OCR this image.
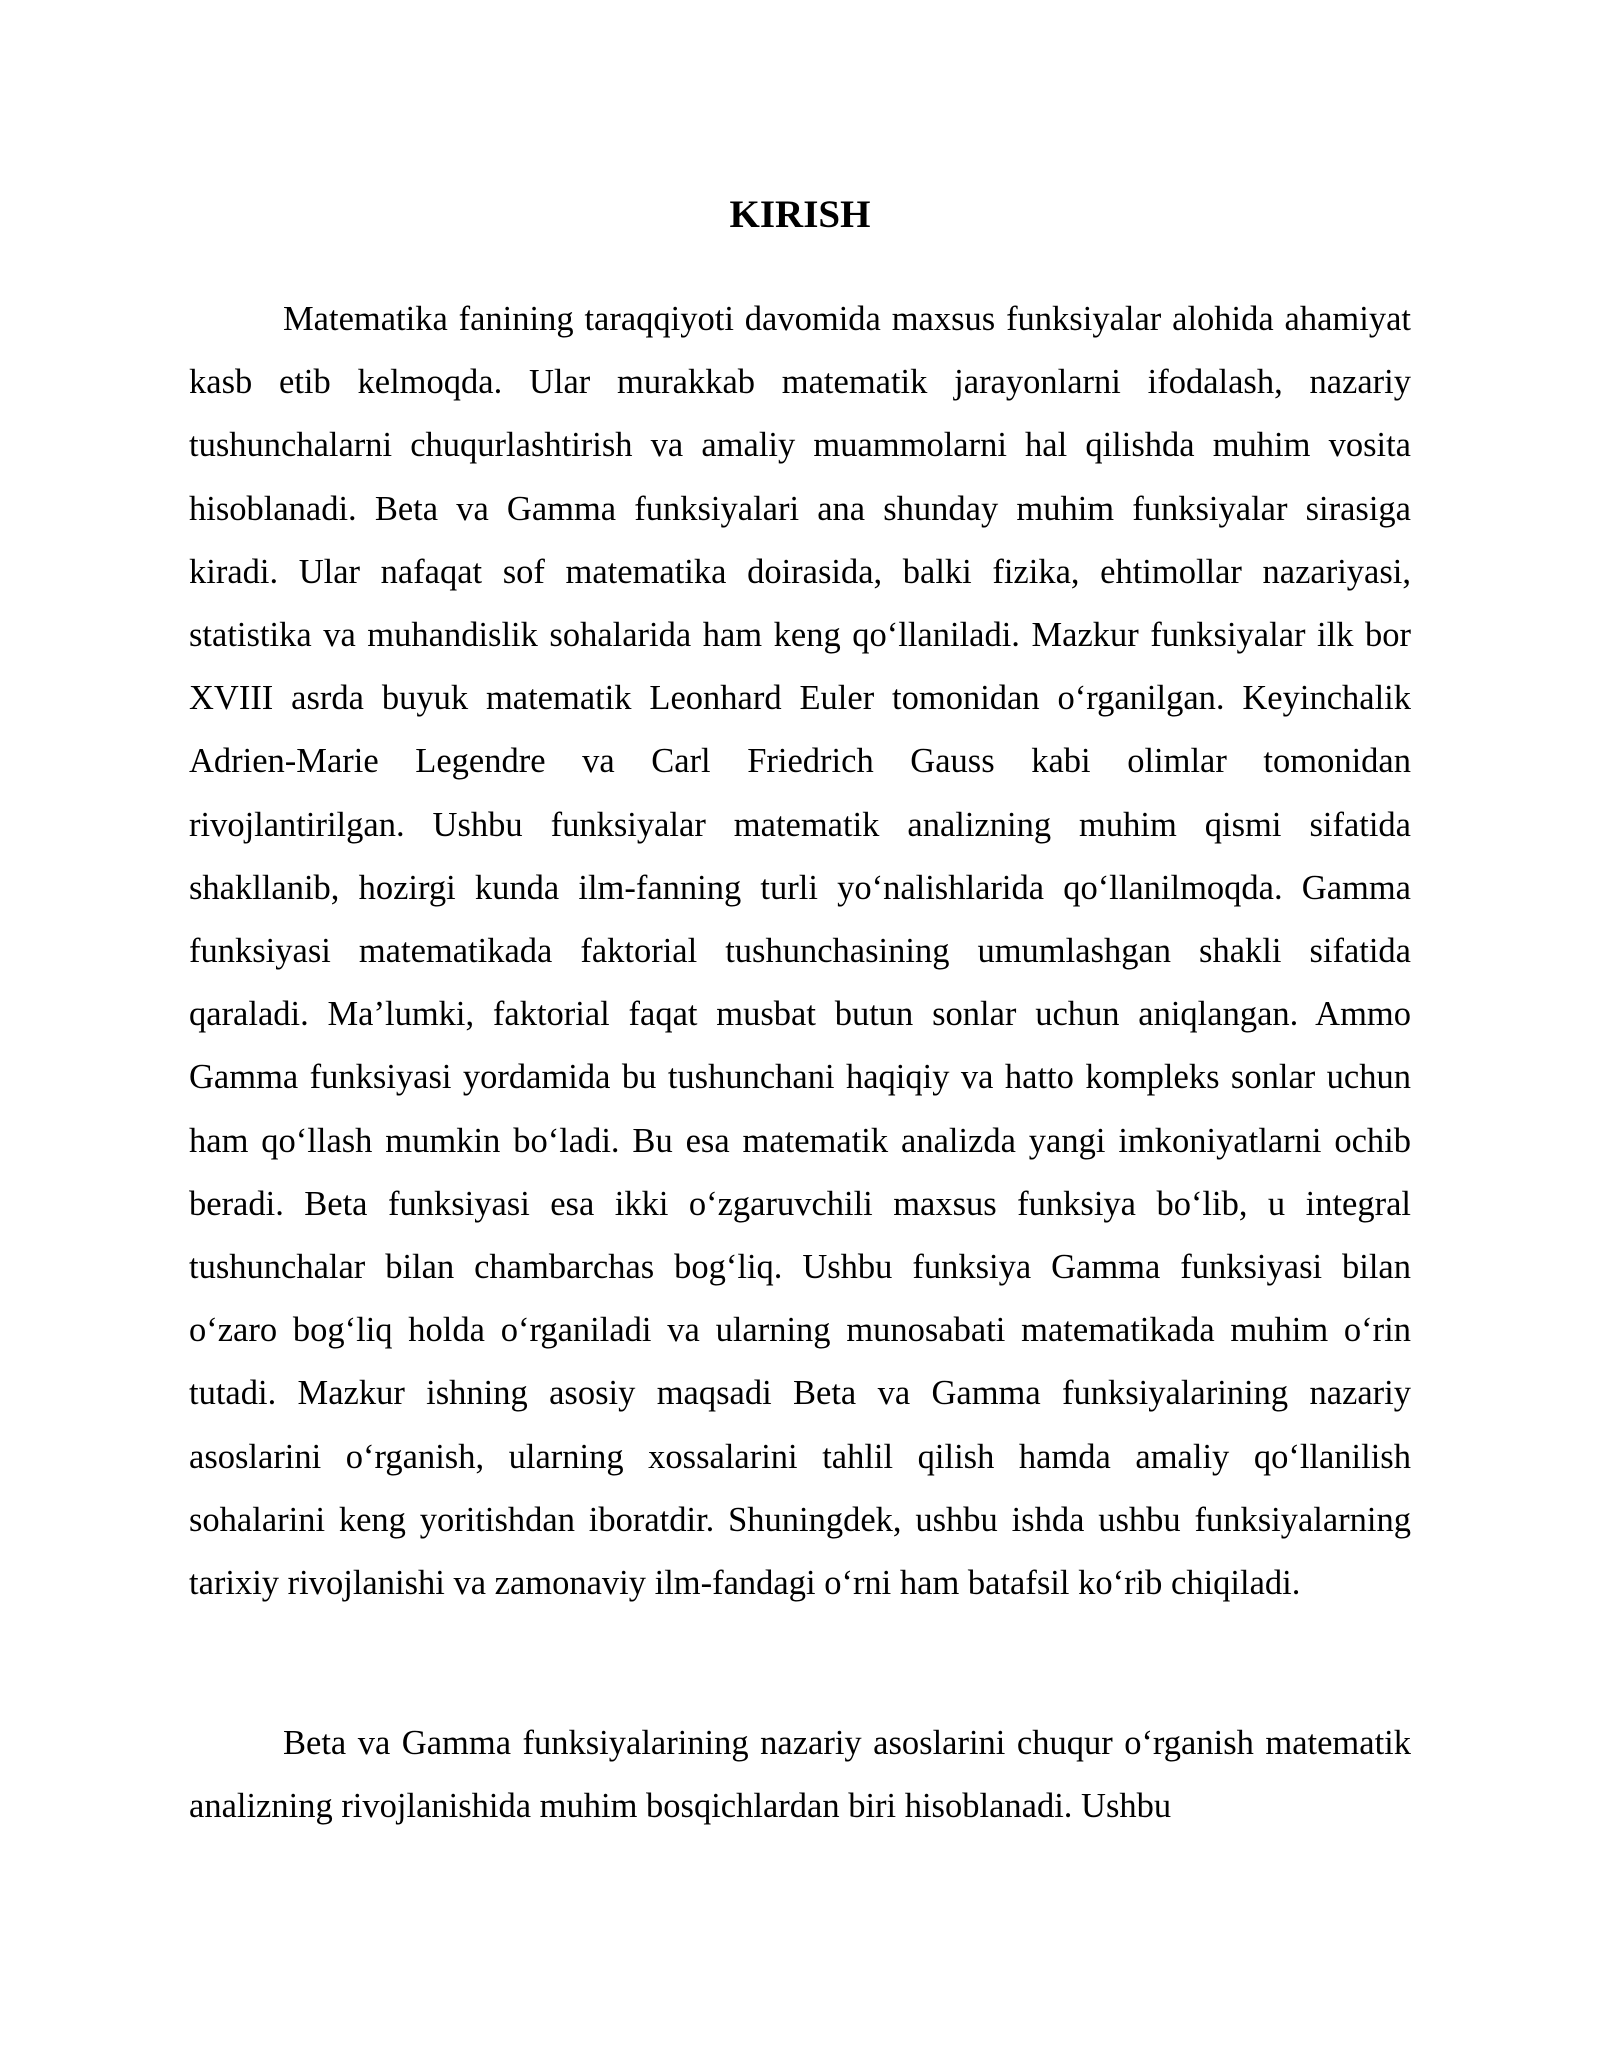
KIRISH

Matematika fanining taraqqiyoti davomida maxsus funksiyalar alohida ahamiyat kasb etib kelmoqda. Ular murakkab matematik jarayonlarni ifodalash, nazariy tushunchalarni chuqurlashtirish va amaliy muammolarni hal qilishda muhim vosita hisoblanadi. Beta va Gamma funksiyalari ana shunday muhim funksiyalar sirasiga kiradi. Ular nafaqat sof matematika doirasida, balki fizika, ehtimollar nazariyasi, statistika va muhandislik sohalarida ham keng qo‘llaniladi. Mazkur funksiyalar ilk bor XVIII asrda buyuk matematik Leonhard Euler tomonidan o‘rganilgan. Keyinchalik Adrien-Marie Legendre va Carl Friedrich Gauss kabi olimlar tomonidan rivojlantirilgan. Ushbu funksiyalar matematik analizning muhim qismi sifatida shakllanib, hozirgi kunda ilm-fanning turli yo‘nalishlarida qo‘llanilmoqda. Gamma funksiyasi matematikada faktorial tushunchasining umumlashgan shakli sifatida qaraladi. Ma’lumki, faktorial faqat musbat butun sonlar uchun aniqlangan. Ammo Gamma funksiyasi yordamida bu tushunchani haqiqiy va hatto kompleks sonlar uchun ham qo‘llash mumkin bo‘ladi. Bu esa matematik analizda yangi imkoniyatlarni ochib beradi. Beta funksiyasi esa ikki o‘zgaruvchili maxsus funksiya bo‘lib, u integral tushunchalar bilan chambarchas bog‘liq. Ushbu funksiya Gamma funksiyasi bilan o‘zaro bog‘liq holda o‘rganiladi va ularning munosabati matematikada muhim o‘rin tutadi. Mazkur ishning asosiy maqsadi Beta va Gamma funksiyalarining nazariy asoslarini o‘rganish, ularning xossalarini tahlil qilish hamda amaliy qo‘llanilish sohalarini keng yoritishdan iboratdir. Shuningdek, ushbu ishda ushbu funksiyalarning tarixiy rivojlanishi va zamonaviy ilm-fandagi o‘rni ham batafsil ko‘rib chiqiladi.

Beta va Gamma funksiyalarining nazariy asoslarini chuqur o‘rganish matematik analizning rivojlanishida muhim bosqichlardan biri hisoblanadi. Ushbu
